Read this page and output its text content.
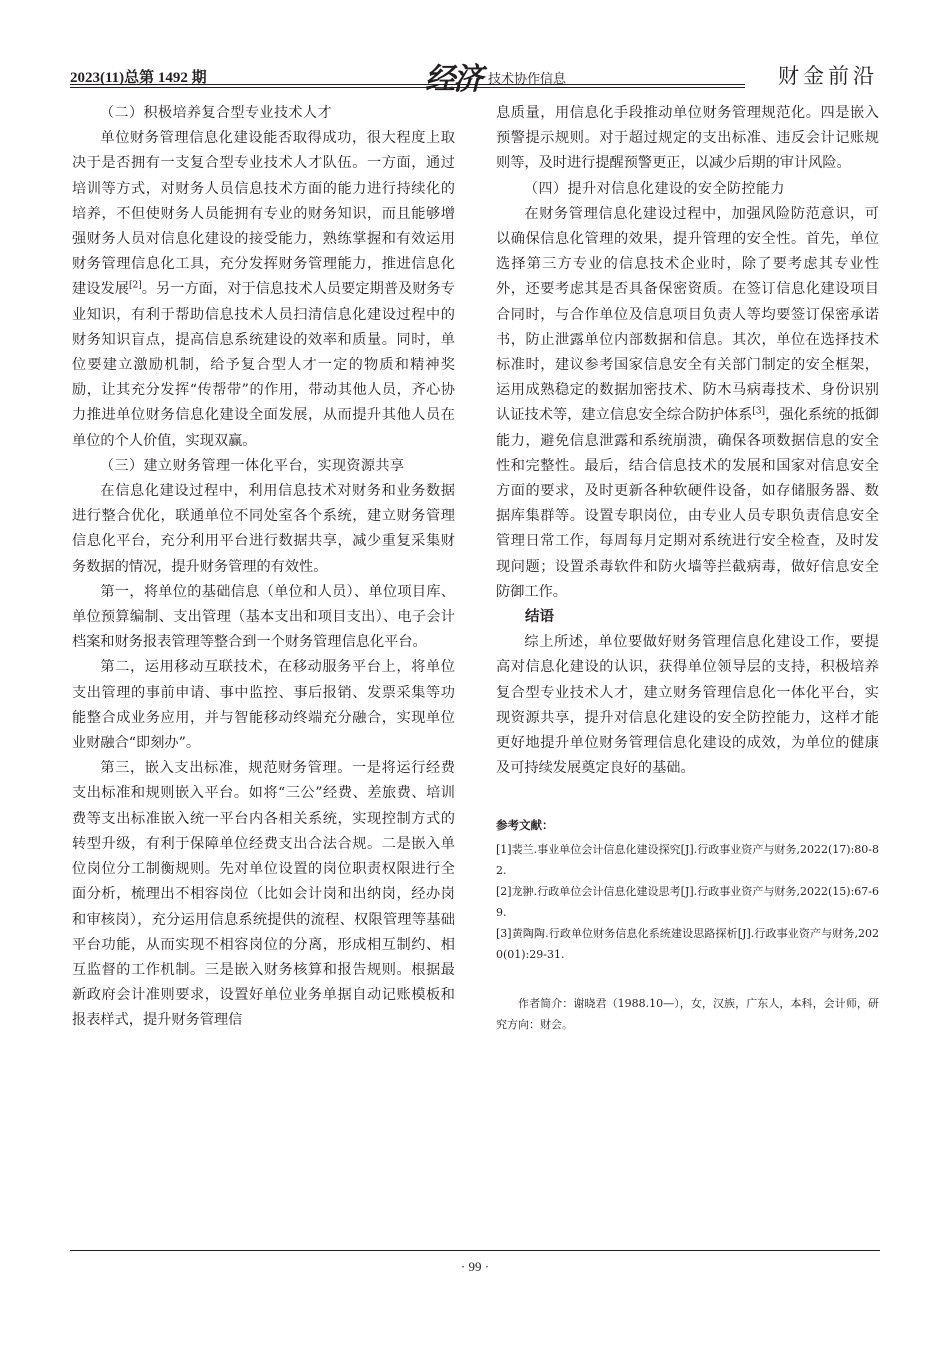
2023(11)总第 1492 期	经济 技术协作信息	财金前沿
（二）积极培养复合型专业技术人才

单位财务管理信息化建设能否取得成功，很大程度上取决于是否拥有一支复合型专业技术人才队伍。一方面，通过培训等方式，对财务人员信息技术方面的能力进行持续化的培养，不但使财务人员能拥有专业的财务知识，而且能够增强财务人员对信息化建设的接受能力，熟练掌握和有效运用财务管理信息化工具，充分发挥财务管理能力，推进信息化建设发展[2]。另一方面，对于信息技术人员要定期普及财务专业知识，有利于帮助信息技术人员扫清信息化建设过程中的财务知识盲点，提高信息系统建设的效率和质量。同时，单位要建立激励机制，给予复合型人才一定的物质和精神奖励，让其充分发挥“传帮带”的作用，带动其他人员，齐心协力推进单位财务信息化建设全面发展，从而提升其他人员在单位的个人价值，实现双赢。

（三）建立财务管理一体化平台，实现资源共享

在信息化建设过程中，利用信息技术对财务和业务数据进行整合优化，联通单位不同处室各个系统，建立财务管理信息化平台，充分利用平台进行数据共享，减少重复采集财务数据的情况，提升财务管理的有效性。

第一，将单位的基础信息（单位和人员）、单位项目库、单位预算编制、支出管理（基本支出和项目支出）、电子会计档案和财务报表管理等整合到一个财务管理信息化平台。

第二，运用移动互联技术，在移动服务平台上，将单位支出管理的事前申请、事中监控、事后报销、发票采集等功能整合成业务应用，并与智能移动终端充分融合，实现单位业财融合“即刻办”。

第三，嵌入支出标准，规范财务管理。一是将运行经费支出标准和规则嵌入平台。如将“三公”经费、差旅费、培训费等支出标准嵌入统一平台内各相关系统，实现控制方式的转型升级，有利于保障单位经费支出合法合规。二是嵌入单位岗位分工制衡规则。先对单位设置的岗位职责权限进行全面分析，梳理出不相容岗位（比如会计岗和出纳岗，经办岗和审核岗），充分运用信息系统提供的流程、权限管理等基础平台功能，从而实现不相容岗位的分离，形成相互制约、相互监督的工作机制。三是嵌入财务核算和报告规则。根据最新政府会计准则要求，设置好单位业务单据自动记账模板和报表样式，提升财务管理信

息质量，用信息化手段推动单位财务管理规范化。四是嵌入预警提示规则。对于超过规定的支出标准、违反会计记账规则等，及时进行提醒预警更正，以减少后期的审计风险。

（四）提升对信息化建设的安全防控能力

在财务管理信息化建设过程中，加强风险防范意识，可以确保信息化管理的效果，提升管理的安全性。首先，单位选择第三方专业的信息技术企业时，除了要考虑其专业性外，还要考虑其是否具备保密资质。在签订信息化建设项目合同时，与合作单位及信息项目负责人等均要签订保密承诺书，防止泄露单位内部数据和信息。其次，单位在选择技术标准时，建议参考国家信息安全有关部门制定的安全框架，运用成熟稳定的数据加密技术、防木马病毒技术、身份识别认证技术等，建立信息安全综合防护体系[3]，强化系统的抵御能力，避免信息泄露和系统崩溃，确保各项数据信息的安全性和完整性。最后，结合信息技术的发展和国家对信息安全方面的要求，及时更新各种软硬件设备，如存储服务器、数据库集群等。设置专职岗位，由专业人员专职负责信息安全管理日常工作，每周每月定期对系统进行安全检查，及时发现问题；设置杀毒软件和防火墙等拦截病毒，做好信息安全防御工作。

结语

综上所述，单位要做好财务管理信息化建设工作，要提高对信息化建设的认识，获得单位领导层的支持，积极培养复合型专业技术人才，建立财务管理信息化一体化平台，实现资源共享，提升对信息化建设的安全防控能力，这样才能更好地提升单位财务管理信息化建设的成效，为单位的健康及可持续发展奠定良好的基础。

参考文献：
[1]裴兰.事业单位会计信息化建设探究[J].行政事业资产与财务,2022(17):80-82.
[2]龙翀.行政单位会计信息化建设思考[J].行政事业资产与财务,2022(15):67-69.
[3]黄陶陶.行政单位财务信息化系统建设思路探析[J].行政事业资产与财务,2020(01):29-31.
作者简介：谢晓君（1988.10—），女，汉族，广东人，本科，会计师，研究方向：财会。
· 99 ·
